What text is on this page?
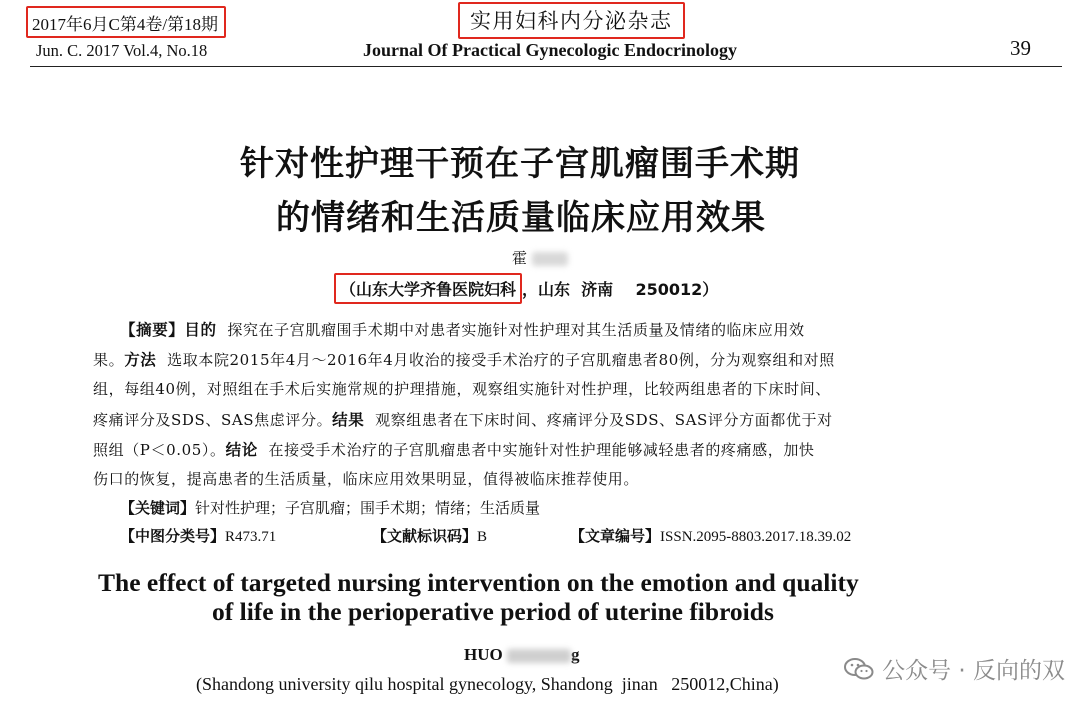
2017年6月C第4卷/第18期
Jun. C. 2017 Vol.4, No.18
实用妇科内分泌杂志
Journal Of Practical Gynecologic Endocrinology	39
针对性护理干预在子宫肌瘤围手术期
的情绪和生活质量临床应用效果
霍
（山东大学齐鲁医院妇科 ，山东  济南    250012）
【摘要】目的  探究在子宫肌瘤围手术期中对患者实施针对性护理对其生活质量及情绪的临床应用效
果。方法  选取本院2015年4月～2016年4月收治的接受手术治疗的子宫肌瘤患者80例，分为观察组和对照
组，每组40例，对照组在手术后实施常规的护理措施，观察组实施针对性护理，比较两组患者的下床时间、
疼痛评分及SDS、SAS焦虑评分。结果  观察组患者在下床时间、疼痛评分及SDS、SAS评分方面都优于对
照组（P＜0.05）。结论  在接受手术治疗的子宫肌瘤患者中实施针对性护理能够减轻患者的疼痛感，加快
伤口的恢复，提高患者的生活质量，临床应用效果明显，值得被临床推荐使用。
【关键词】针对性护理；子宫肌瘤；围手术期；情绪；生活质量
【中图分类号】R473.71	【文献标识码】B	【文章编号】ISSN.2095-8803.2017.18.39.02
The effect of targeted nursing intervention on the emotion and quality
of life in the perioperative period of uterine fibroids
HUO	g
(Shandong university qilu hospital gynecology, Shandong  jinan   250012,China)	公众号 · 反向的双
